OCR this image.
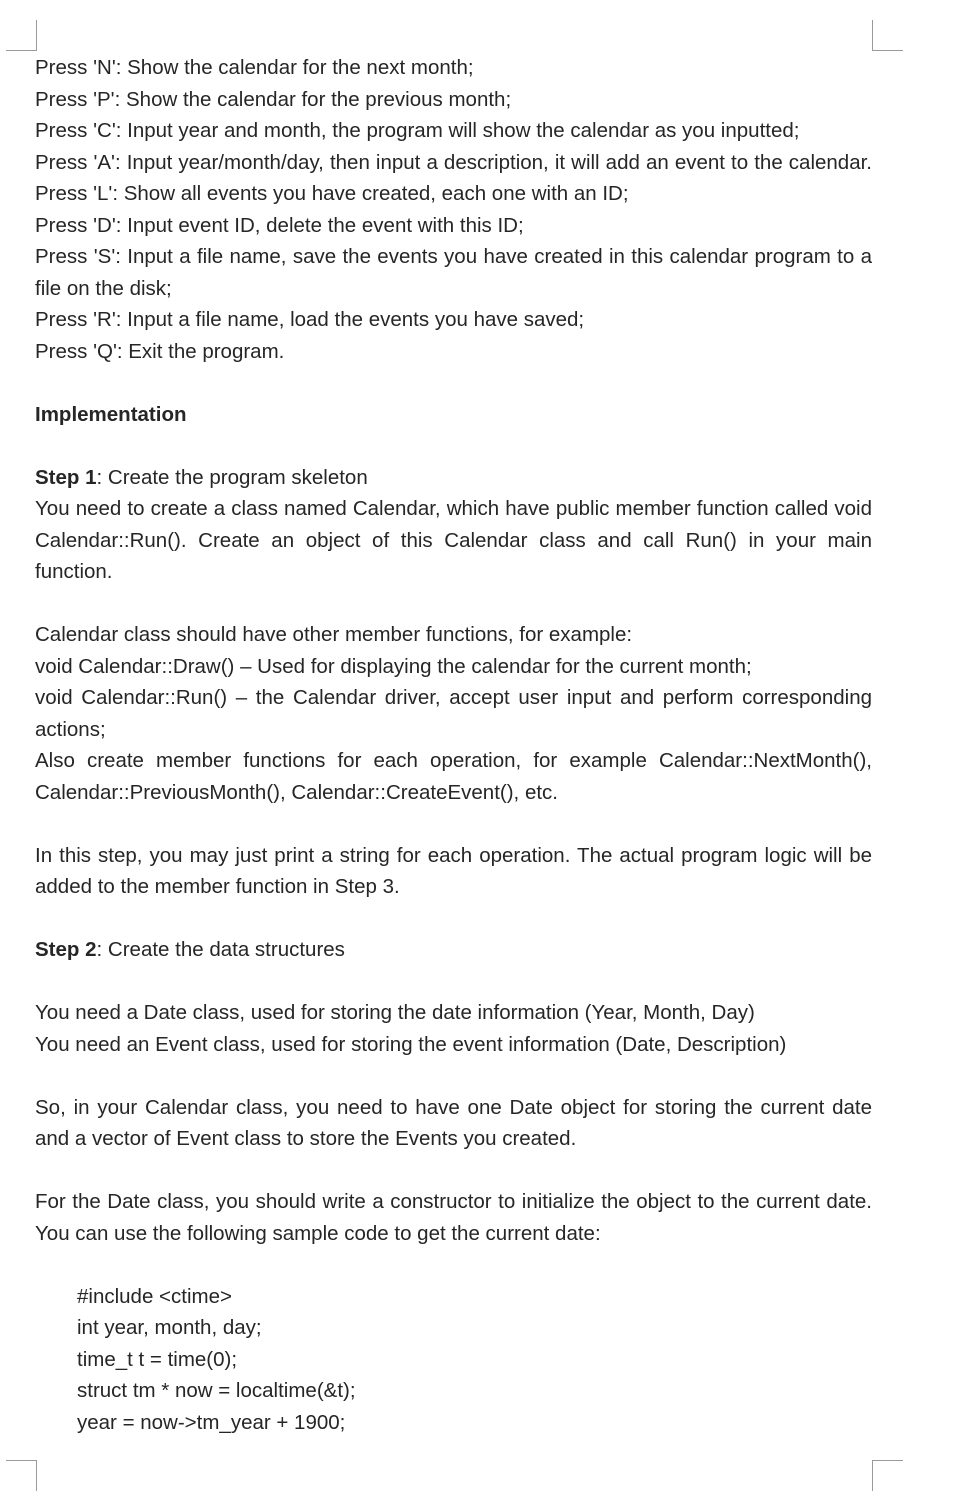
Press 'N': Show the calendar for the next month;

Press 'P': Show the calendar for the previous month;

Press 'C': Input year and month, the program will show the calendar as you inputted;

Press 'A': Input year/month/day, then input a description, it will add an event to the calendar. Press 'L': Show all events you have created, each one with an ID;

Press 'D': Input event ID, delete the event with this ID;

Press 'S': Input a file name, save the events you have created in this calendar program to a file on the disk;

Press 'R': Input a file name, load the events you have saved;

Press 'Q': Exit the program.

Implementation

Step 1: Create the program skeleton

You need to create a class named Calendar, which have public member function called void Calendar::Run(). Create an object of this Calendar class and call Run() in your main function.

Calendar class should have other member functions, for example:

void Calendar::Draw() – Used for displaying the calendar for the current month;

void Calendar::Run() – the Calendar driver, accept user input and perform corresponding actions;

Also create member functions for each operation, for example Calendar::NextMonth(), Calendar::PreviousMonth(), Calendar::CreateEvent(), etc.

In this step, you may just print a string for each operation. The actual program logic will be added to the member function in Step 3.

Step 2: Create the data structures

You need a Date class, used for storing the date information (Year, Month, Day)

You need an Event class, used for storing the event information (Date, Description)

So, in your Calendar class, you need to have one Date object for storing the current date and a vector of Event class to store the Events you created.

For the Date class, you should write a constructor to initialize the object to the current date. You can use the following sample code to get the current date:

#include <ctime>

int year, month, day;

time_t t = time(0);

struct tm * now = localtime(&t);

year = now->tm_year + 1900;
